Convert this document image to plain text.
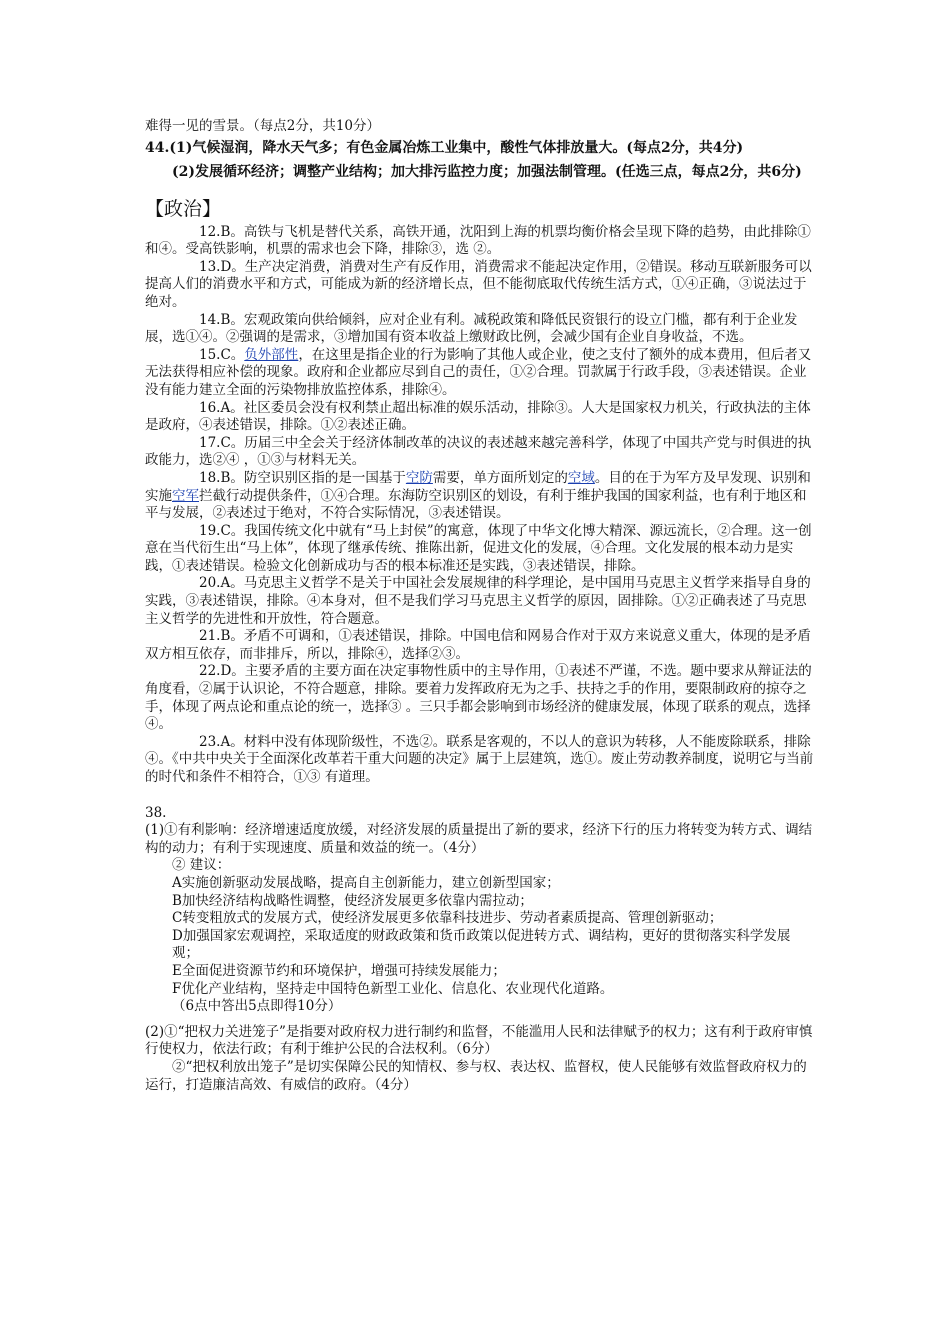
难得一见的雪景。（每点2分，共10分）
44.(1)气候湿润，降水天气多；有色金属冶炼工业集中，酸性气体排放量大。(每点2分，共4分)
(2)发展循环经济；调整产业结构；加大排污监控力度；加强法制管理。(任选三点，每点2分，共6分)
【政治】
12.B。高铁与飞机是替代关系，高铁开通，沈阳到上海的机票均衡价格会呈现下降的趋势，由此排除①和④。受高铁影响，机票的需求也会下降，排除③，选 ②。
13.D。生产决定消费，消费对生产有反作用，消费需求不能起决定作用，②错误。移动互联新服务可以提高人们的消费水平和方式，可能成为新的经济增长点，但不能彻底取代传统生活方式，①④正确，③说法过于绝对。
14.B。宏观政策向供给倾斜，应对企业有利。减税政策和降低民资银行的设立门槛，都有利于企业发展，选①④。②强调的是需求，③增加国有资本收益上缴财政比例，会减少国有企业自身收益，不选。
15.C。负外部性，在这里是指企业的行为影响了其他人或企业，使之支付了额外的成本费用，但后者又无法获得相应补偿的现象。政府和企业都应尽到自己的责任，①②合理。罚款属于行政手段，③表述错误。企业没有能力建立全面的污染物排放监控体系，排除④。
16.A。社区委员会没有权利禁止超出标准的娱乐活动，排除③。人大是国家权力机关，行政执法的主体是政府，④表述错误，排除。①②表述正确。
17.C。历届三中全会关于经济体制改革的决议的表述越来越完善科学，体现了中国共产党与时俱进的执政能力，选②④ ，①③与材料无关。
18.B。防空识别区指的是一国基于空防需要，单方面所划定的空域。目的在于为军方及早发现、识别和实施空军拦截行动提供条件，①④合理。东海防空识别区的划设，有利于维护我国的国家利益，也有利于地区和平与发展，②表述过于绝对，不符合实际情况，③表述错误。
19.C。我国传统文化中就有“马上封侯”的寓意，体现了中华文化博大精深、源远流长，②合理。这一创意在当代衍生出“马上体”，体现了继承传统、推陈出新，促进文化的发展，④合理。文化发展的根本动力是实践，①表述错误。检验文化创新成功与否的根本标准还是实践，③表述错误，排除。
20.A。马克思主义哲学不是关于中国社会发展规律的科学理论，是中国用马克思主义哲学来指导自身的实践，③表述错误，排除。④本身对，但不是我们学习马克思主义哲学的原因，固排除。①②正确表述了马克思主义哲学的先进性和开放性，符合题意。
21.B。矛盾不可调和，①表述错误，排除。中国电信和网易合作对于双方来说意义重大，体现的是矛盾双方相互依存，而非排斥，所以，排除④，选择②③。
22.D。主要矛盾的主要方面在决定事物性质中的主导作用，①表述不严谨，不选。题中要求从辩证法的角度看，②属于认识论，不符合题意，排除。要着力发挥政府无为之手、扶持之手的作用，要限制政府的掠夺之手，体现了两点论和重点论的统一，选择③ 。三只手都会影响到市场经济的健康发展，体现了联系的观点，选择④。
23.A。材料中没有体现阶级性，不选②。联系是客观的，不以人的意识为转移，人不能废除联系，排除④。《中共中央关于全面深化改革若干重大问题的决定》属于上层建筑，选①。废止劳动教养制度，说明它与当前的时代和条件不相符合，①③ 有道理。
38.
(1)①有利影响：经济增速适度放缓，对经济发展的质量提出了新的要求，经济下行的压力将转变为转方式、调结构的动力；有利于实现速度、质量和效益的统一。（4分）
② 建议：
A实施创新驱动发展战略，提高自主创新能力，建立创新型国家；
B加快经济结构战略性调整，使经济发展更多依靠内需拉动；
C转变粗放式的发展方式，使经济发展更多依靠科技进步、劳动者素质提高、管理创新驱动；
D加强国家宏观调控，采取适度的财政政策和货币政策以促进转方式、调结构，更好的贯彻落实科学发展观；
E全面促进资源节约和环境保护，增强可持续发展能力；
F优化产业结构，坚持走中国特色新型工业化、信息化、农业现代化道路。
（6点中答出5点即得10分）
(2)①“把权力关进笼子”是指要对政府权力进行制约和监督，不能滥用人民和法律赋予的权力；这有利于政府审慎行使权力，依法行政；有利于维护公民的合法权利。（6分）
②“把权利放出笼子”是切实保障公民的知情权、参与权、表达权、监督权，使人民能够有效监督政府权力的运行，打造廉洁高效、有威信的政府。（4分）
